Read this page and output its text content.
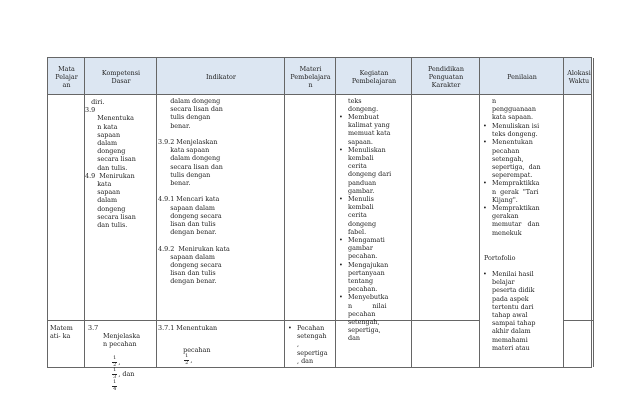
Mata
Pelajar
an
Kompetensi
Dasar	Indikator
Materi
Pembelajara
n
Kegiatan
Pembelajaran
Pendidikan
Penguatan
Karakter
Penilaian	Alokasi
Waktu
diri.
3.9
Menentuka
n kata
sapaan
dalam
dongeng
secara lisan
dan tulis.
4.9  Menirukan
kata
sapaan
dalam
dongeng
secara lisan
dan tulis.
dalam dongeng
secara lisan dan
tulis dengan
benar.

3.9.2 Menjelaskan
kata sapaan
dalam dongeng
secara lisan dan
tulis dengan
benar.

4.9.1 Mencari kata
sapaan dalam
dongeng secara
lisan dan tulis
dengan benar.

4.9.2  Menirukan kata
sapaan dalam
dongeng secara
lisan dan tulis
dengan benar.
teks
dongeng.
• Membuat
kalimat yang
memuat kata
sapaan.
• Menuliskan
kembali
cerita
dongeng dari
panduan
gambar.
• Menulis
kembali
cerita
dongeng
fabel.
• Mengamati
gambar
pecahan.
• Mengajukan
pertanyaan
tentang
pecahan.
• Menyebutka
n          nilai
pecahan
setengah,
sepertiga,
dan
n
pengguanaan
kata sapaan.
• Menuliskan isi
teks dongeng.
• Menentukan
pecahan
setengah,
sepertiga,  dan
seperempat.
• Mempraktikka
n  gerak  "Tari
Kijang".
• Mempraktikan
gerakan
memutar   dan
menekuk
Portofolio
• Menilai hasil
belajar
peserta didik
pada aspek
tertentu dari
tahap awal
sampai tahap
akhir dalam
memahami
materi atau
Matem
ati- ka
3.7
Menjelaska
n pecahan

$\frac{1}{2}$ ,

$\frac{1}{3}$ , dan

$\frac{1}{4}$

3.7.1 Menentukan

pecahan

$\frac{1}{2}$ ,

• Pecahan
setengah
,
sepertiga
, dan
